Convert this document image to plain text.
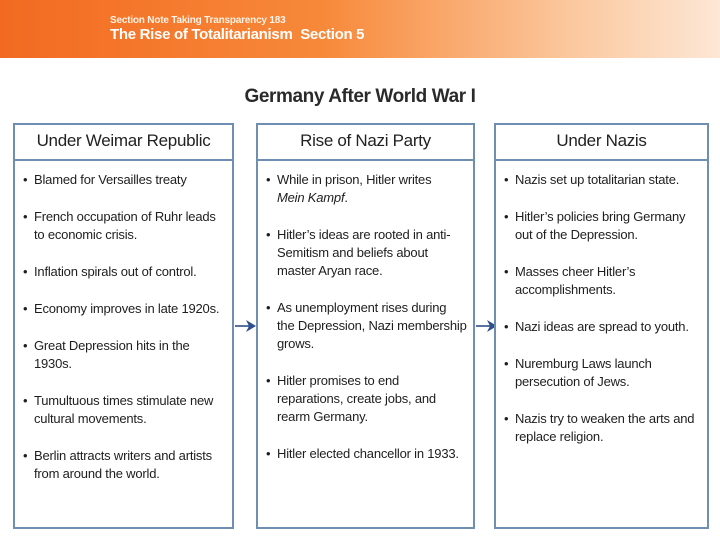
Section Note Taking Transparency 183
The Rise of Totalitarianism  Section 5
Germany After World War I
Under Weimar Republic
• Blamed for Versailles treaty
• French occupation of Ruhr leads to economic crisis.
• Inflation spirals out of control.
• Economy improves in late 1920s.
• Great Depression hits in the 1930s.
• Tumultuous times stimulate new cultural movements.
• Berlin attracts writers and artists from around the world.
Rise of Nazi Party
• While in prison, Hitler writes
Mein Kampf.
• Hitler’s ideas are rooted in anti-Semitism and beliefs about master Aryan race.
• As unemployment rises during the Depression, Nazi membership grows.
• Hitler promises to end reparations, create jobs, and rearm Germany.
• Hitler elected chancellor in 1933.
Under Nazis
• Nazis set up totalitarian state.
• Hitler’s policies bring Germany out of the Depression.
• Masses cheer Hitler’s accomplishments.
• Nazi ideas are spread to youth.
• Nuremburg Laws launch persecution of Jews.
• Nazis try to weaken the arts and replace religion.
